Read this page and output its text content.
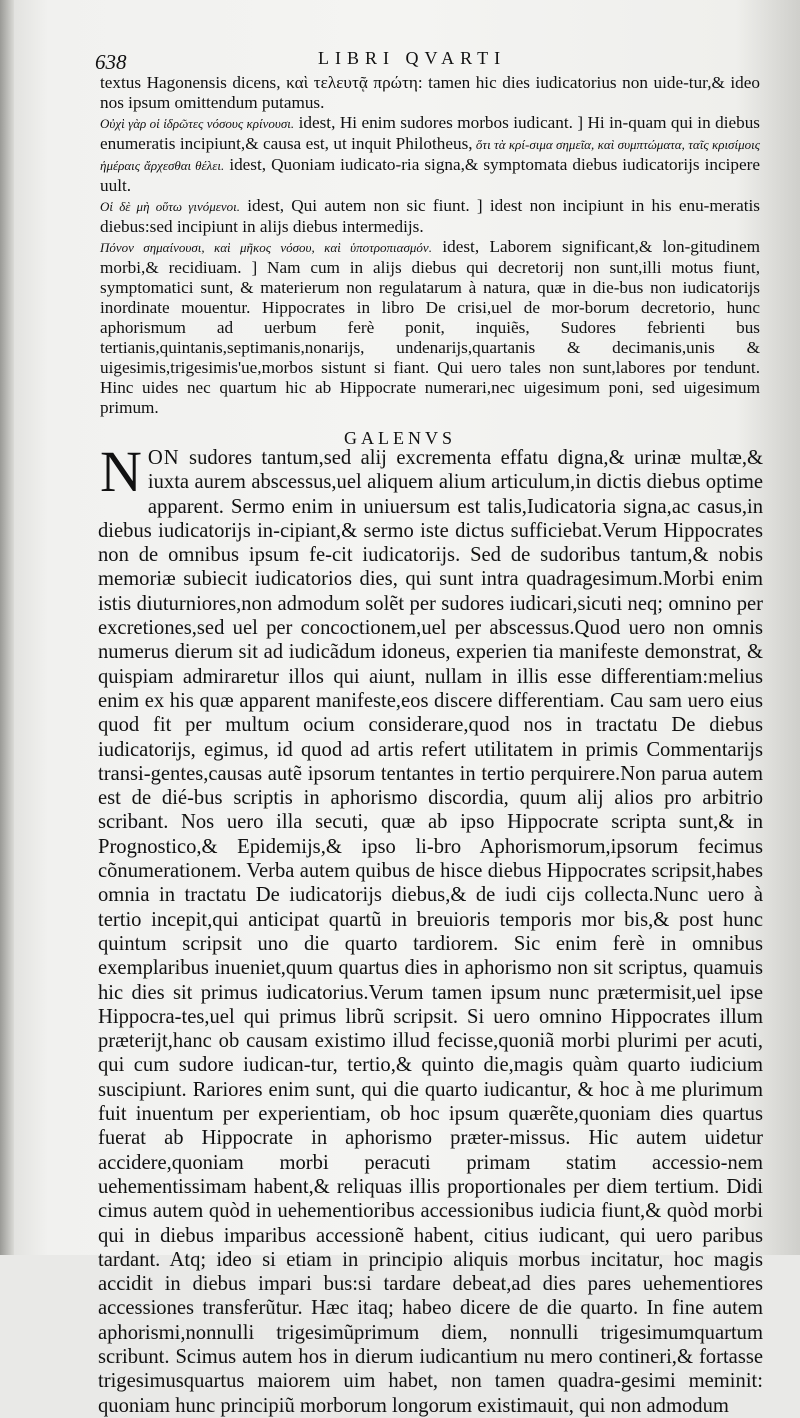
638	LIBRI QVARTI

textus Hagonensis dicens, καὶ τελευτᾷ πρώτη: tamen hic dies iudicatorius non uide-tur,& ideo nos ipsum omittendum putamus.

Οὐχὶ γὰρ οἱ ἱδρῶτες νόσους κρίνουσι. idest, Hi enim sudores morbos iudicant. ] Hi in-quam qui in diebus enumeratis incipiunt,& causa est, ut inquit Philotheus, ὅτι τὰ κρί-σιμα σημεῖα, καὶ συμπτώματα, ταῖς κρισίμοις ἡμέραις ἄρχεσθαι θέλει. idest, Quoniam iudicato-ria signa,& symptomata diebus iudicatorijs incipere uult.

Οἱ δὲ μὴ οὕτω γινόμενοι. idest, Qui autem non sic fiunt. ] idest non incipiunt in his enu-meratis diebus:sed incipiunt in alijs diebus intermedijs.

Πόνον σημαίνουσι, καὶ μῆκος νόσου, καὶ ὑποτροπιασμόν. idest, Laborem significant,& lon-gitudinem morbi,& recidiuam. ] Nam cum in alijs diebus qui decretorij non sunt,illi motus fiunt, symptomatici sunt, & materierum non regulatarum à natura, quæ in die-bus non iudicatorijs inordinate mouentur. Hippocrates in libro De crisi,uel de mor-borum decretorio, hunc aphorismum ad uerbum ferè ponit, inquiẽs, Sudores febrienti bus tertianis,quintanis,septimanis,nonarijs, undenarijs,quartanis & decimanis,unis & uigesimis,trigesimis'ue,morbos sistunt si fiant. Qui uero tales non sunt,labores por tendunt. Hinc uides nec quartum hic ab Hippocrate numerari,nec uigesimum poni, sed uigesimum primum.

GALENVS

NON sudores tantum,sed alij excrementa effatu digna,& urinæ multæ,& iuxta aurem abscessus,uel aliquem alium articulum,in dictis diebus optime apparent. Sermo enim in uniuersum est talis,Iudicatoria signa,ac casus,in diebus iudicatorijs in-cipiant,& sermo iste dictus sufficiebat.Verum Hippocrates non de omnibus ipsum fe-cit iudicatorijs. Sed de sudoribus tantum,& nobis memoriæ subiecit iudicatorios dies, qui sunt intra quadragesimum.Morbi enim istis diuturniores,non admodum solẽt per sudores iudicari,sicuti neq; omnino per excretiones,sed uel per concoctionem,uel per abscessus.Quod uero non omnis numerus dierum sit ad iudicãdum idoneus, experien tia manifeste demonstrat, & quispiam admiraretur illos qui aiunt, nullam in illis esse differentiam:melius enim ex his quæ apparent manifeste,eos discere differentiam. Cau sam uero eius quod fit per multum ocium considerare,quod nos in tractatu De diebus iudicatorijs, egimus, id quod ad artis refert utilitatem in primis Commentarijs transi-gentes,causas autẽ ipsorum tentantes in tertio perquirere.Non parua autem est de dié-bus scriptis in aphorismo discordia, quum alij alios pro arbitrio scribant. Nos uero illa secuti, quæ ab ipso Hippocrate scripta sunt,& in Prognostico,& Epidemijs,& ipso li-bro Aphorismorum,ipsorum fecimus cõnumerationem. Verba autem quibus de hisce diebus Hippocrates scripsit,habes omnia in tractatu De iudicatorijs diebus,& de iudi cijs collecta.Nunc uero à tertio incepit,qui anticipat quartũ in breuioris temporis mor bis,& post hunc quintum scripsit uno die quarto tardiorem. Sic enim ferè in omnibus exemplaribus inueniet,quum quartus dies in aphorismo non sit scriptus, quamuis hic dies sit primus iudicatorius.Verum tamen ipsum nunc prætermisit,uel ipse Hippocra-tes,uel qui primus librũ scripsit. Si uero omnino Hippocrates illum præterijt,hanc ob causam existimo illud fecisse,quoniã morbi plurimi per acuti, qui cum sudore iudican-tur, tertio,& quinto die,magis quàm quarto iudicium suscipiunt. Rariores enim sunt, qui die quarto iudicantur, & hoc à me plurimum fuit inuentum per experientiam, ob hoc ipsum quærẽte,quoniam dies quartus fuerat ab Hippocrate in aphorismo præter-missus. Hic autem uidetur accidere,quoniam morbi peracuti primam statim accessio-nem uehementissimam habent,& reliquas illis proportionales per diem tertium. Didi cimus autem quòd in uehementioribus accessionibus iudicia fiunt,& quòd morbi qui in diebus imparibus accessionẽ habent, citius iudicant, qui uero paribus tardant. Atq; ideo si etiam in principio aliquis morbus incitatur, hoc magis accidit in diebus impari bus:si tardare debeat,ad dies pares uehementiores accessiones transferũtur. Hæc itaq; habeo dicere de die quarto. In fine autem aphorismi,nonnulli trigesimũprimum diem, nonnulli trigesimumquartum scribunt. Scimus autem hos in dierum iudicantium nu mero contineri,& fortasse trigesimusquartus maiorem uim habet, non tamen quadra-gesimi meminit: quoniam hunc principiũ morborum longorum existimauit, qui non admodum
